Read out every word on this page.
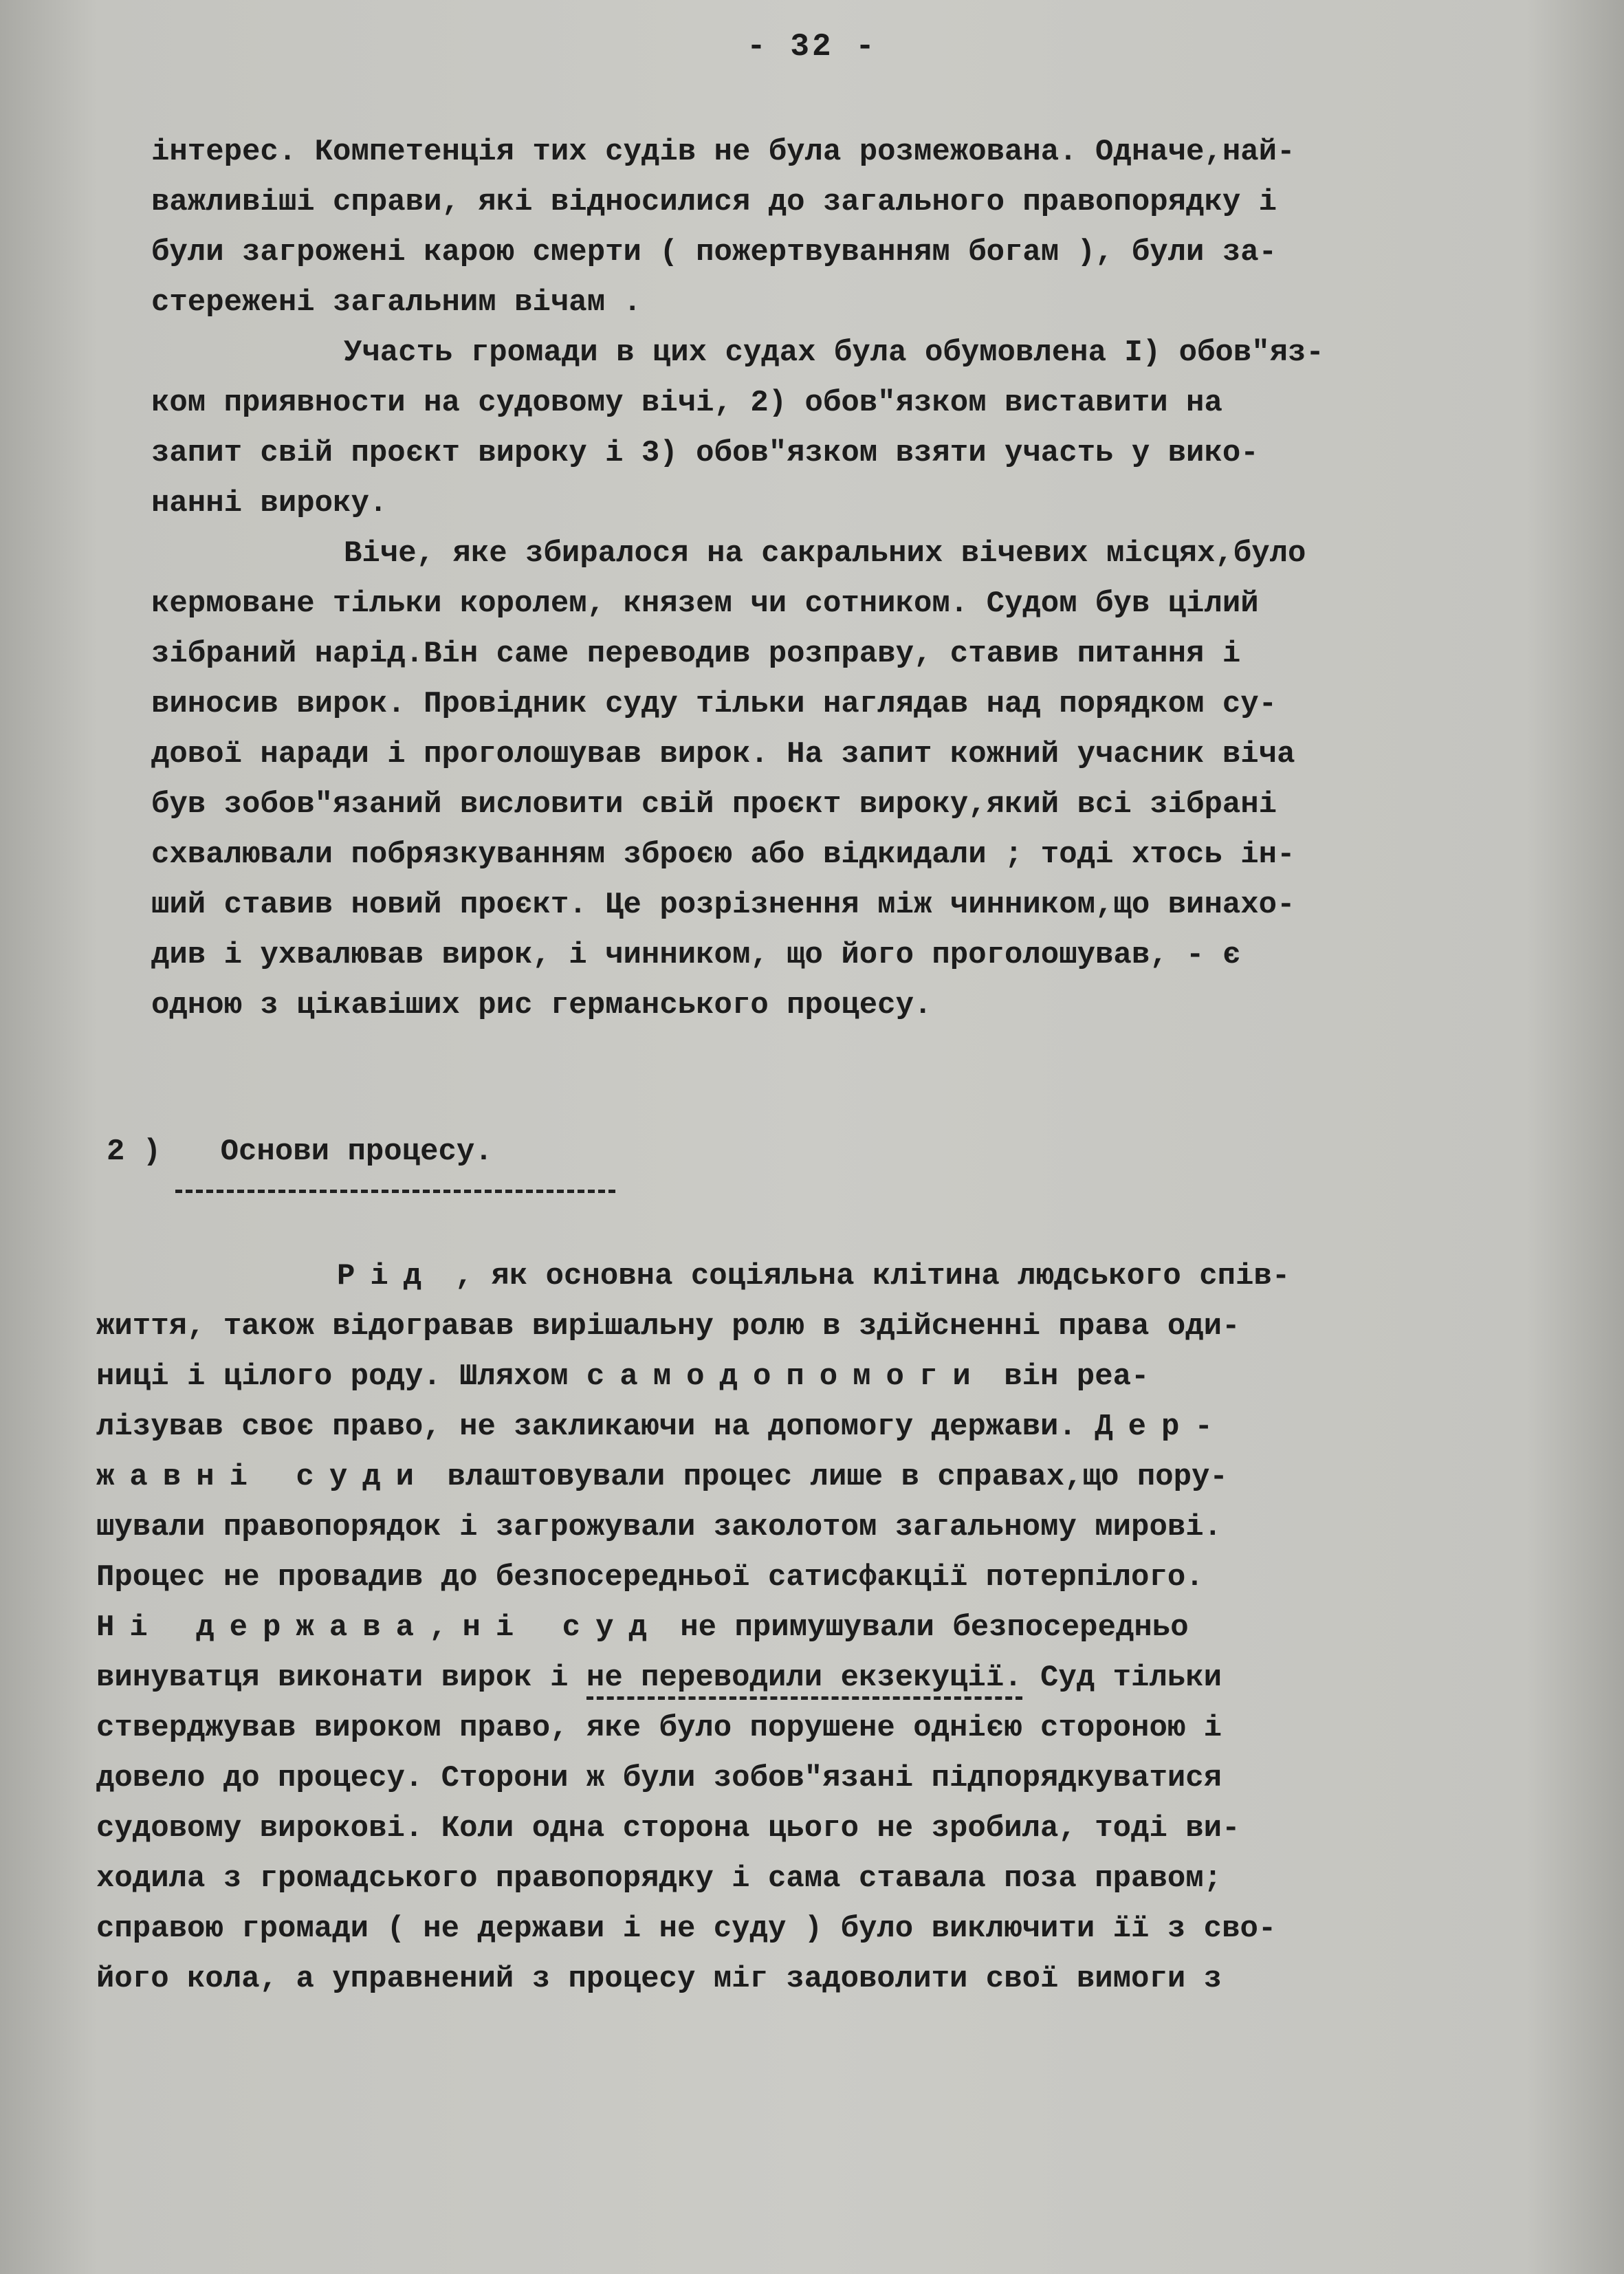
- 32 -

інтерес. Компетенція тих судів не була розмежована. Одначе,най-
важливіші справи, які відносилися до загального правопорядку і
були загрожені карою смерти ( пожертвуванням богам ), були за-
стережені загальним вічам .

Участь громади в цих судах була обумовлена І) обов"яз-
ком приявности на судовому вічі, 2) обов"язком виставити на
запит свій проєкт вироку і 3) обов"язком взяти участь у вико-
нанні вироку.

Віче, яке збиралося на сакральних вічевих місцях,було
кермоване тільки королем, князем чи сотником. Судом був цілий
зібраний нарід.Він саме переводив розправу, ставив питання і
виносив вирок. Провідник суду тільки наглядав над порядком су-
дової наради і проголошував вирок. На запит кожний учасник віча
був зобов"язаний висловити свій проєкт вироку,який всі зібрані
схвалювали побрязкуванням зброєю або відкидали ; тоді хтось ін-
ший ставив новий проєкт. Це розрізнення між чинником,що винахо-
див і ухвалював вирок, і чинником, що його проголошував, - є
одною з цікавіших рис германського процесу.

2 ) Основи процесу.

Рід , як основна соціяльна клітина людського спів-
життя, також відогравав вирішальну ролю в здійсненні права оди-
ниці і цілого роду. Шляхом самодопомоги він реа-
лізував своє право, не закликаючи на допомогу держави. Дер-
жавні суди влаштовували процес лише в справах,що пору-
шували правопорядок і загрожували заколотом загальному мирові.
Процес не провадив до безпосередньої сатисфакції потерпілого.
Ні держава,ні суд не примушували безпосередньо
винуватця виконати вирок і не переводили екзекуції. Суд тільки
стверджував вироком право, яке було порушене однією стороною і
довело до процесу. Сторони ж були зобов"язані підпорядкуватися
судовому вирокові. Коли одна сторона цього не зробила, тоді ви-
ходила з громадського правопорядку і сама ставала поза правом;
справою громади ( не держави і не суду ) було виключити її з сво-
його кола, а управнений з процесу міг задоволити свої вимоги з
